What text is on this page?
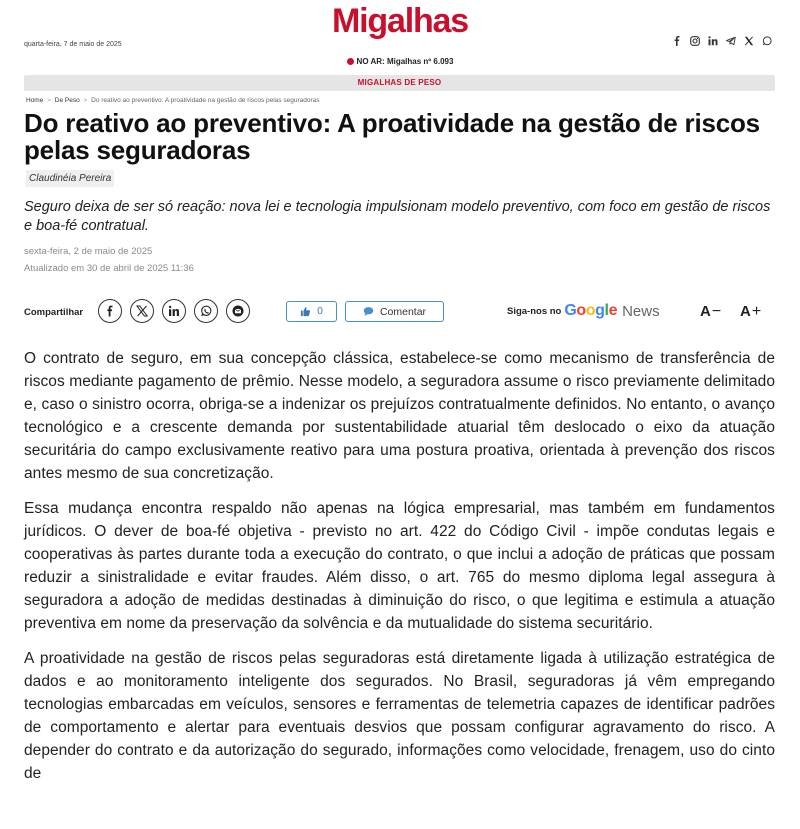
quarta-feira, 7 de maio de 2025
Migalhas
NO AR: Migalhas nº 6.093
MIGALHAS DE PESO
Home > De Peso > Do reativo ao preventivo: A proatividade na gestão de riscos pelas seguradoras
Do reativo ao preventivo: A proatividade na gestão de riscos pelas seguradoras
Claudinéia Pereira
Seguro deixa de ser só reação: nova lei e tecnologia impulsionam modelo preventivo, com foco em gestão de riscos e boa-fé contratual.
sexta-feira, 2 de maio de 2025
Atualizado em 30 de abril de 2025 11:36
Compartilhar	0	Comentar	Siga-nos no Google News	A− A+

O contrato de seguro, em sua concepção clássica, estabelece-se como mecanismo de transferência de riscos mediante pagamento de prêmio. Nesse modelo, a seguradora assume o risco previamente delimitado e, caso o sinistro ocorra, obriga-se a indenizar os prejuízos contratualmente definidos. No entanto, o avanço tecnológico e a crescente demanda por sustentabilidade atuarial têm deslocado o eixo da atuação securitária do campo exclusivamente reativo para uma postura proativa, orientada à prevenção dos riscos antes mesmo de sua concretização.

Essa mudança encontra respaldo não apenas na lógica empresarial, mas também em fundamentos jurídicos. O dever de boa-fé objetiva - previsto no art. 422 do Código Civil - impõe condutas legais e cooperativas às partes durante toda a execução do contrato, o que inclui a adoção de práticas que possam reduzir a sinistralidade e evitar fraudes. Além disso, o art. 765 do mesmo diploma legal assegura à seguradora a adoção de medidas destinadas à diminuição do risco, o que legitima e estimula a atuação preventiva em nome da preservação da solvência e da mutualidade do sistema securitário.

A proatividade na gestão de riscos pelas seguradoras está diretamente ligada à utilização estratégica de dados e ao monitoramento inteligente dos segurados. No Brasil, seguradoras já vêm empregando tecnologias embarcadas em veículos, sensores e ferramentas de telemetria capazes de identificar padrões de comportamento e alertar para eventuais desvios que possam configurar agravamento do risco. A depender do contrato e da autorização do segurado, informações como velocidade, frenagem, uso do cinto de
